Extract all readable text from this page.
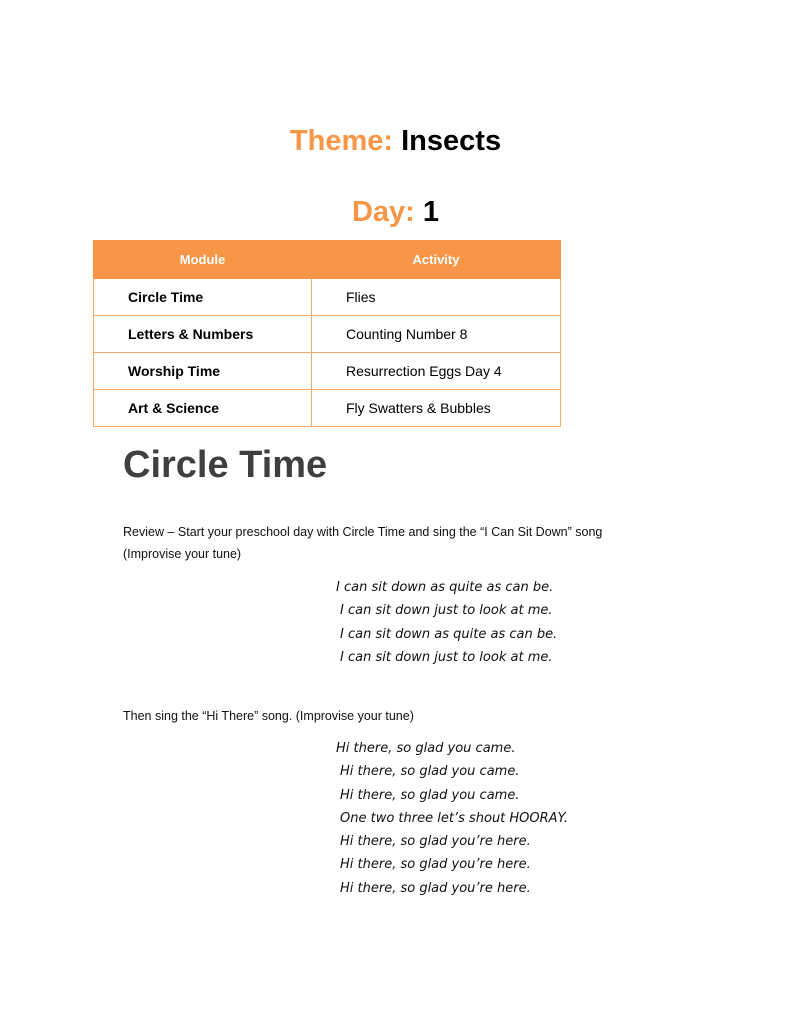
Theme: Insects
Day: 1
Module	Activity
Circle Time	Flies
Letters & Numbers	Counting Number 8
Worship Time	Resurrection Eggs Day 4
Art & Science	Fly Swatters & Bubbles
Circle Time
Review – Start your preschool day with Circle Time and sing the “I Can Sit Down” song
(Improvise your tune)
I can sit down as quite as can be.
I can sit down just to look at me.
I can sit down as quite as can be.
I can sit down just to look at me.
Then sing the “Hi There” song. (Improvise your tune)
Hi there, so glad you came.
Hi there, so glad you came.
Hi there, so glad you came.
One two three let’s shout HOORAY.
Hi there, so glad you’re here.
Hi there, so glad you’re here.
Hi there, so glad you’re here.
